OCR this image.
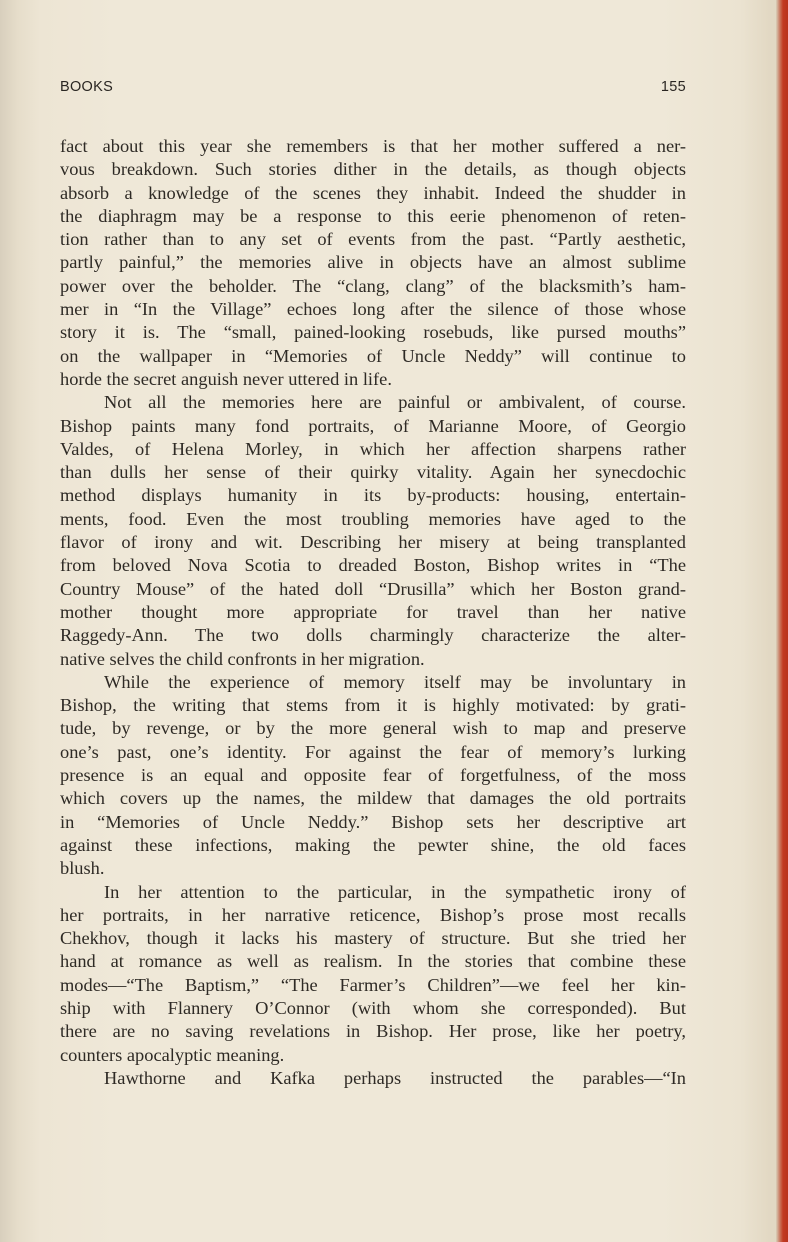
BOOKS	155
fact about this year she remembers is that her mother suffered a ner-
vous breakdown. Such stories dither in the details, as though objects
absorb a knowledge of the scenes they inhabit. Indeed the shudder in
the diaphragm may be a response to this eerie phenomenon of reten-
tion rather than to any set of events from the past. “Partly aesthetic,
partly painful,” the memories alive in objects have an almost sublime
power over the beholder. The “clang, clang” of the blacksmith’s ham-
mer in “In the Village” echoes long after the silence of those whose
story it is. The “small, pained-looking rosebuds, like pursed mouths”
on the wallpaper in “Memories of Uncle Neddy” will continue to
horde the secret anguish never uttered in life.
Not all the memories here are painful or ambivalent, of course.
Bishop paints many fond portraits, of Marianne Moore, of Georgio
Valdes, of Helena Morley, in which her affection sharpens rather
than dulls her sense of their quirky vitality. Again her synecdochic
method displays humanity in its by-products: housing, entertain-
ments, food. Even the most troubling memories have aged to the
flavor of irony and wit. Describing her misery at being transplanted
from beloved Nova Scotia to dreaded Boston, Bishop writes in “The
Country Mouse” of the hated doll “Drusilla” which her Boston grand-
mother thought more appropriate for travel than her native
Raggedy-Ann. The two dolls charmingly characterize the alter-
native selves the child confronts in her migration.
While the experience of memory itself may be involuntary in
Bishop, the writing that stems from it is highly motivated: by grati-
tude, by revenge, or by the more general wish to map and preserve
one’s past, one’s identity. For against the fear of memory’s lurking
presence is an equal and opposite fear of forgetfulness, of the moss
which covers up the names, the mildew that damages the old portraits
in “Memories of Uncle Neddy.” Bishop sets her descriptive art
against these infections, making the pewter shine, the old faces
blush.
In her attention to the particular, in the sympathetic irony of
her portraits, in her narrative reticence, Bishop’s prose most recalls
Chekhov, though it lacks his mastery of structure. But she tried her
hand at romance as well as realism. In the stories that combine these
modes—“The Baptism,” “The Farmer’s Children”—we feel her kin-
ship with Flannery O’Connor (with whom she corresponded). But
there are no saving revelations in Bishop. Her prose, like her poetry,
counters apocalyptic meaning.
Hawthorne and Kafka perhaps instructed the parables—“In
